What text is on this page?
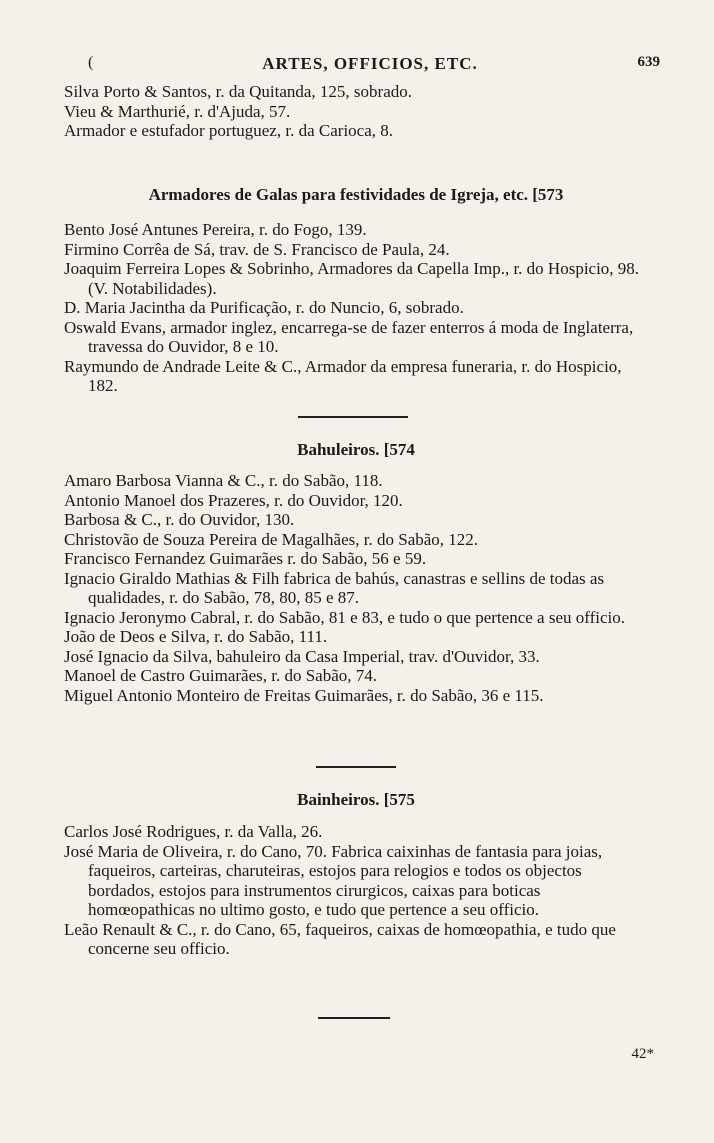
(	ARTES, OFFICIOS, ETC.	639

Silva Porto & Santos, r. da Quitanda, 125, sobrado.

Vieu & Marthurié, r. d'Ajuda, 57.

Armador e estufador portuguez, r. da Carioca, 8.

Armadores de Galas para festividades de Igreja, etc. [573

Bento José Antunes Pereira, r. do Fogo, 139.

Firmino Corrêa de Sá, trav. de S. Francisco de Paula, 24.

Joaquim Ferreira Lopes & Sobrinho, Armadores da Capella Imp., r. do Hospicio, 98. (V. Notabilidades).

D. Maria Jacintha da Purificação, r. do Nuncio, 6, sobrado.

Oswald Evans, armador inglez, encarrega-se de fazer enterros á moda de Inglaterra, travessa do Ouvidor, 8 e 10.

Raymundo de Andrade Leite & C., Armador da empresa funeraria, r. do Hospicio, 182.

Bahuleiros. [574

Amaro Barbosa Vianna & C., r. do Sabão, 118.

Antonio Manoel dos Prazeres, r. do Ouvidor, 120.

Barbosa & C., r. do Ouvidor, 130.

Christovão de Souza Pereira de Magalhães, r. do Sabão, 122.

Francisco Fernandez Guimarães r. do Sabão, 56 e 59.

Ignacio Giraldo Mathias & Filh fabrica de bahús, canastras e sellins de todas as qualidades, r. do Sabão, 78, 80, 85 e 87.

Ignacio Jeronymo Cabral, r. do Sabão, 81 e 83, e tudo o que pertence a seu officio.

João de Deos e Silva, r. do Sabão, 111.

José Ignacio da Silva, bahuleiro da Casa Imperial, trav. d'Ouvidor, 33.

Manoel de Castro Guimarães, r. do Sabão, 74.

Miguel Antonio Monteiro de Freitas Guimarães, r. do Sabão, 36 e 115.

Bainheiros. [575

Carlos José Rodrigues, r. da Valla, 26.

José Maria de Oliveira, r. do Cano, 70. Fabrica caixinhas de fantasia para joias, faqueiros, carteiras, charuteiras, estojos para relogios e todos os objectos bordados, estojos para instrumentos cirurgicos, caixas para boticas homœopathicas no ultimo gosto, e tudo que pertence a seu officio.

Leão Renault & C., r. do Cano, 65, faqueiros, caixas de homœopathia, e tudo que concerne seu officio.

42*
